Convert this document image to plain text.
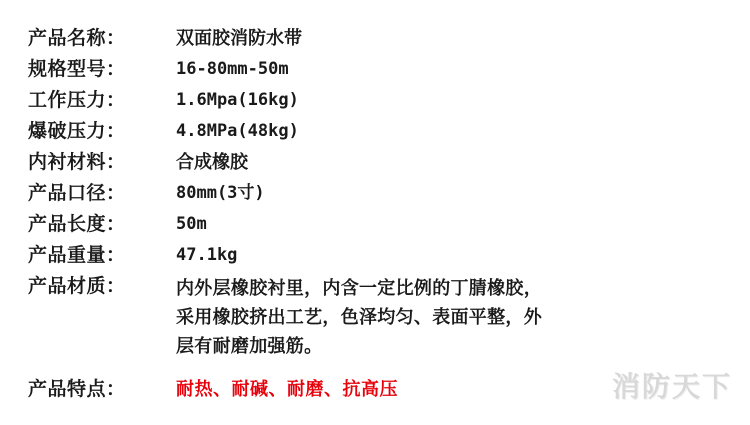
产品名称：	双面胶消防水带
规格型号：	16-80mm-50m
工作压力：	1.6Mpa(16kg)
爆破压力：	4.8MPa(48kg)
内衬材料：	合成橡胶
产品口径：	80mm(3寸)
产品长度：	50m
产品重量：	47.1kg
产品材质：	内外层橡胶衬里，内含一定比例的丁腈橡胶，
采用橡胶挤出工艺，色泽均匀、表面平整，外
层有耐磨加强筋。
产品特点：	耐热、耐碱、耐磨、抗高压	消防天下
